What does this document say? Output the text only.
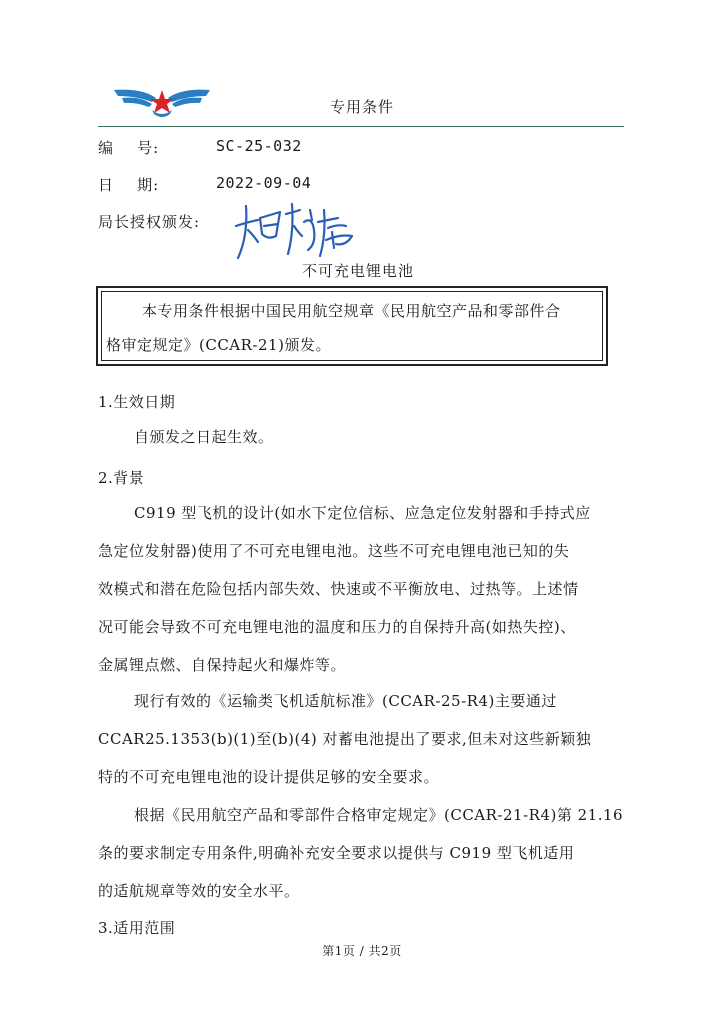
专用条件
编    号:	SC-25-032
日    期:	2022-09-04
局长授权颁发:
不可充电锂电池
本专用条件根据中国民用航空规章《民用航空产品和零部件合
格审定规定》(CCAR-21)颁发。
1.生效日期
自颁发之日起生效。
2.背景
C919 型飞机的设计(如水下定位信标、应急定位发射器和手持式应
急定位发射器)使用了不可充电锂电池。这些不可充电锂电池已知的失
效模式和潜在危险包括内部失效、快速或不平衡放电、过热等。上述情
况可能会导致不可充电锂电池的温度和压力的自保持升高(如热失控)、
金属锂点燃、自保持起火和爆炸等。
现行有效的《运输类飞机适航标准》(CCAR-25-R4)主要通过
CCAR25.1353(b)(1)至(b)(4) 对蓄电池提出了要求,但未对这些新颖独
特的不可充电锂电池的设计提供足够的安全要求。
根据《民用航空产品和零部件合格审定规定》(CCAR-21-R4)第 21.16
条的要求制定专用条件,明确补充安全要求以提供与 C919 型飞机适用
的适航规章等效的安全水平。
3.适用范围
第1页 / 共2页
